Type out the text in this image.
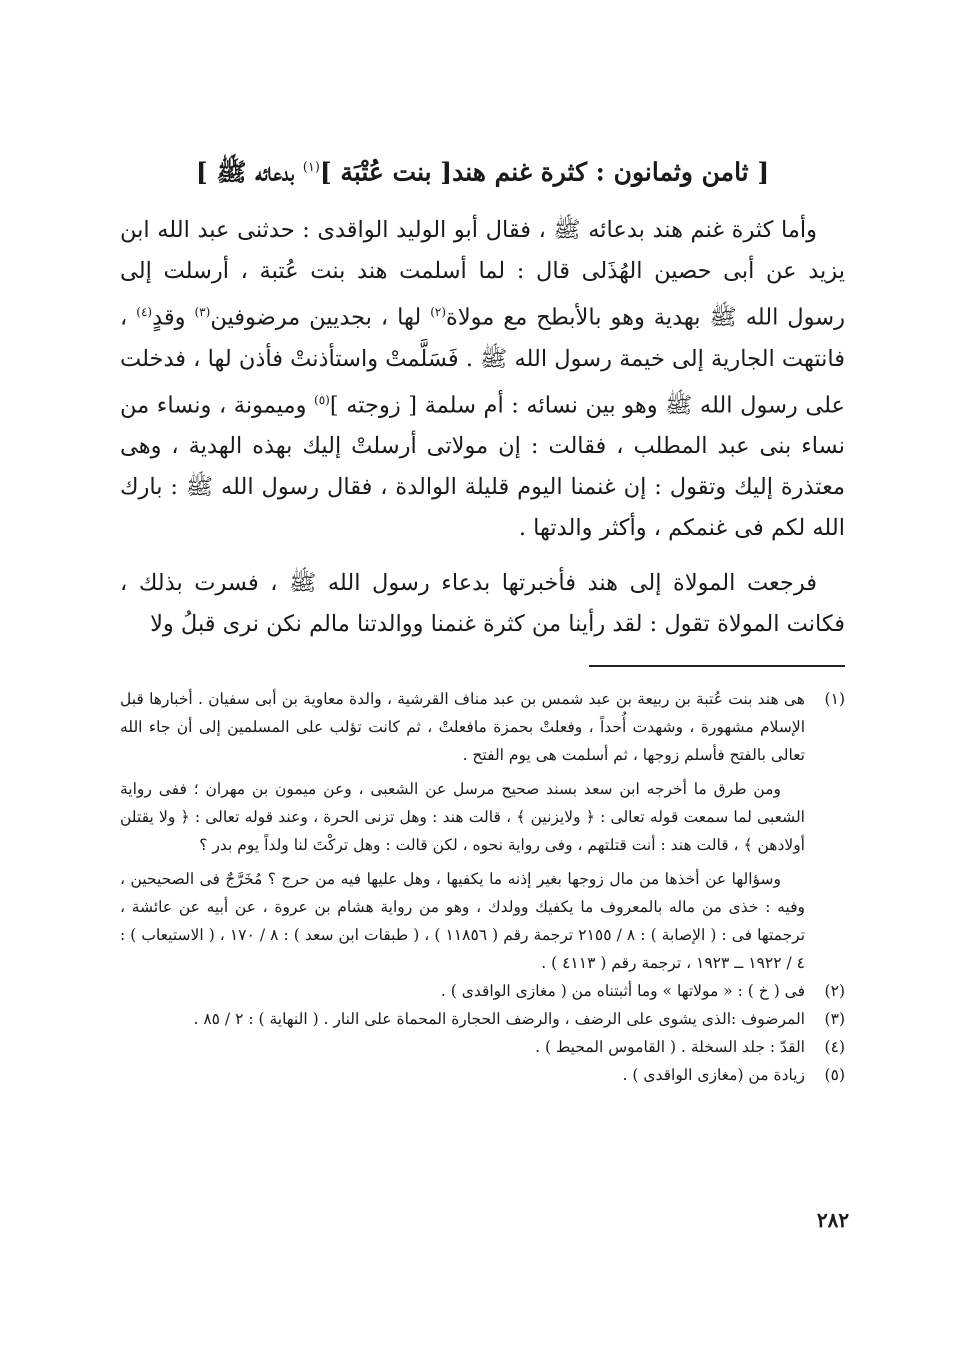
[ ثامن وثمانون : كثرة غنم هند[ بنت عُتْبَة ]$^{(١)}$ بدعائه ﷺ ]

وأما كثرة غنم هند بدعائه ﷺ ، فقال أبو الوليد الواقدى : حدثنى عبد الله ابن يزيد عن أبى حصين الهُذَلى قال : لما أسلمت هند بنت عُتبة ، أرسلت إلى رسول الله ﷺ بهدية وهو بالأبطح مع مولاة$^{(٢)}$ لها ، بجديين مرضوفين$^{(٣)}$ وقدٍ$^{(٤)}$ ، فانتهت الجارية إلى خيمة رسول الله ﷺ . فَسَلَّمتْ واستأذنتْ فأذن لها ، فدخلت على رسول الله ﷺ وهو بين نسائه : أم سلمة [ زوجته ]$^{(٥)}$ وميمونة ، ونساء من نساء بنى عبد المطلب ، فقالت : إن مولاتى أرسلتْ إليك بهذه الهدية ، وهى معتذرة إليك وتقول : إن غنمنا اليوم قليلة الوالدة ، فقال رسول الله ﷺ : بارك الله لكم فى غنمكم ، وأكثر والدتها .

فرجعت المولاة إلى هند فأخبرتها بدعاء رسول الله ﷺ ، فسرت بذلك ، فكانت المولاة تقول : لقد رأينا من كثرة غنمنا ووالدتنا مالم نكن نرى قبلُ ولا

(١)

هى هند بنت عُتبة بن ربيعة بن عبد شمس بن عبد مناف القرشية ، والدة معاوية بن أبى سفيان . أخبارها قبل الإسلام مشهورة ، وشهدت أُحداً ، وفعلتْ بحمزة مافعلتْ ، ثم كانت تؤلب على المسلمين إلى أن جاء الله تعالى بالفتح فأسلم زوجها ، ثم أسلمت هى يوم الفتح .

ومن طرق ما أخرجه ابن سعد بسند صحيح مرسل عن الشعبى ، وعن ميمون بن مهران ؛ ففى رواية الشعبى لما سمعت قوله تعالى : ﴿ ولايزنين ﴾ ، قالت هند : وهل تزنى الحرة ، وعند قوله تعالى : ﴿ ولا يقتلن أولادهن ﴾ ، قالت هند : أنت قتلتهم ، وفى رواية نحوه ، لكن قالت : وهل تركْتَ لنا ولداً يوم بدر ؟

وسؤالها عن أخذها من مال زوجها بغير إذنه ما يكفيها ، وهل عليها فيه من حرج ؟ مُخَرَّجٌ فى الصحيحين ، وفيه : خذى من ماله بالمعروف ما يكفيك وولدك ، وهو من رواية هشام بن عروة ، عن أبيه عن عائشة ، ترجمتها فى : ( الإصابة ) : ٨ / ٢١٥٥ ترجمة رقم ( ١١٨٥٦ ) ، ( طبقات ابن سعد ) : ٨ / ١٧٠ ، ( الاستيعاب ) : ٤ / ١٩٢٢ ــ ١٩٢٣ ، ترجمة رقم ( ٤١١٣ ) .

(٢)

فى ( خ ) : « مولاتها » وما أثبتناه من ( مغازى الواقدى ) .

(٣)

المرضوف :الذى يشوى على الرضف ، والرضف الحجارة المحماة على النار . ( النهاية ) : ٢ / ٨٥ .

(٤)

القدّ : جلد السخلة . ( القاموس المحيط ) .

(٥)

زيادة من (مغازى الواقدى ) .

٢٨٢
